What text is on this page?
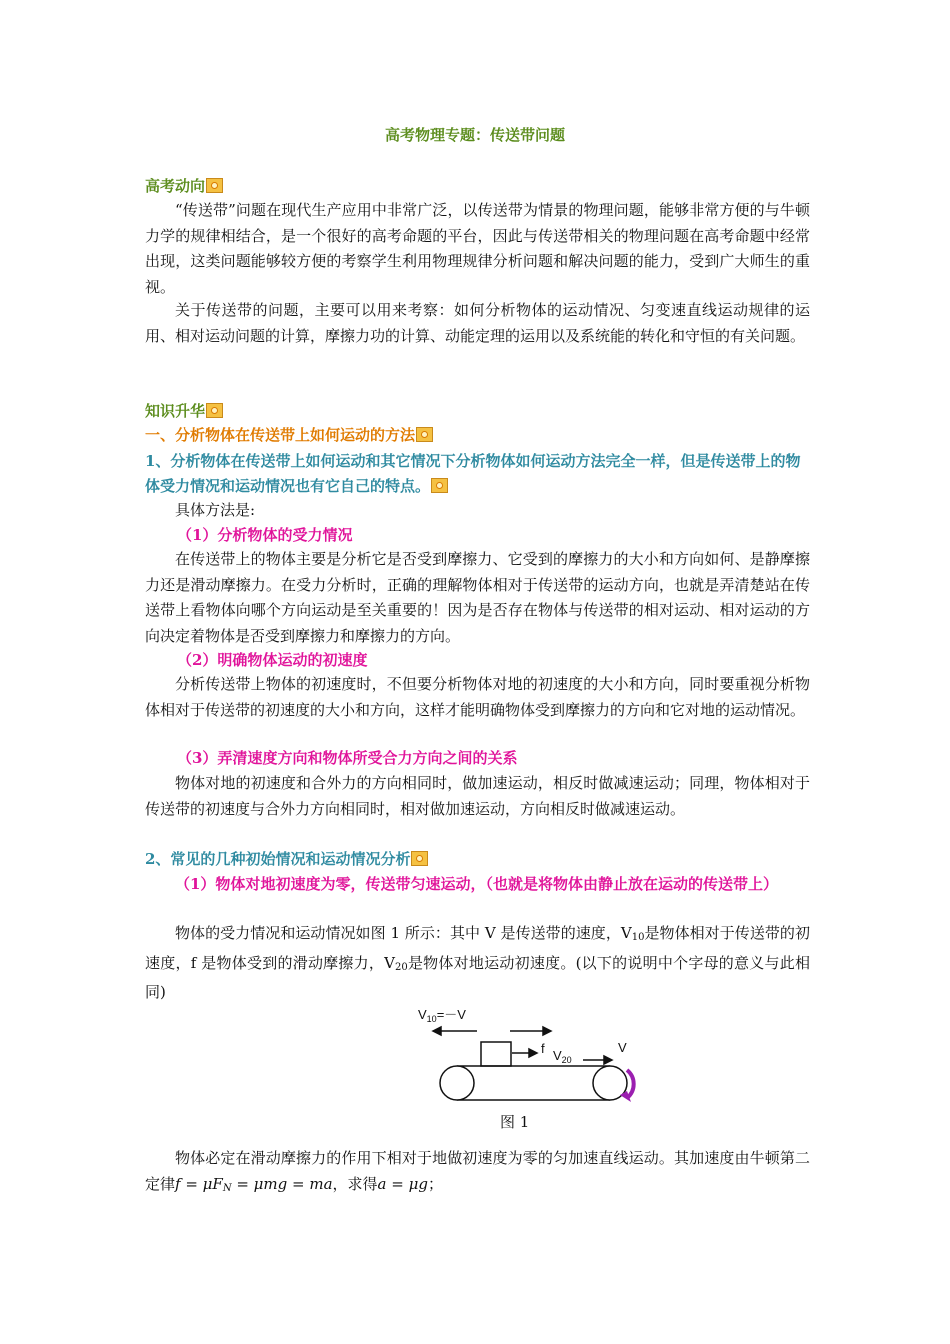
高考物理专题：传送带问题

高考动向

“传送带”问题在现代生产应用中非常广泛，以传送带为情景的物理问题，能够非常方便的与牛顿力学的规律相结合，是一个很好的高考命题的平台，因此与传送带相关的物理问题在高考命题中经常出现，这类问题能够较方便的考察学生利用物理规律分析问题和解决问题的能力，受到广大师生的重视。

关于传送带的问题，主要可以用来考察：如何分析物体的运动情况、匀变速直线运动规律的运用、相对运动问题的计算，摩擦力功的计算、动能定理的运用以及系统能的转化和守恒的有关问题。

知识升华
一、分析物体在传送带上如何运动的方法
1、分析物体在传送带上如何运动和其它情况下分析物体如何运动方法完全一样，但是传送带上的物体受力情况和运动情况也有它自己的特点。

具体方法是:

（1）分析物体的受力情况

在传送带上的物体主要是分析它是否受到摩擦力、它受到的摩擦力的大小和方向如何、是静摩擦力还是滑动摩擦力。在受力分析时，正确的理解物体相对于传送带的运动方向，也就是弄清楚站在传送带上看物体向哪个方向运动是至关重要的！因为是否存在物体与传送带的相对运动、相对运动的方向决定着物体是否受到摩擦力和摩擦力的方向。

（2）明确物体运动的初速度

分析传送带上物体的初速度时，不但要分析物体对地的初速度的大小和方向，同时要重视分析物体相对于传送带的初速度的大小和方向，这样才能明确物体受到摩擦力的方向和它对地的运动情况。

（3）弄清速度方向和物体所受合力方向之间的关系

物体对地的初速度和合外力的方向相同时，做加速运动，相反时做减速运动；同理，物体相对于传送带的初速度与合外力方向相同时，相对做加速运动，方向相反时做减速运动。

2、常见的几种初始情况和运动情况分析
（1）物体对地初速度为零，传送带匀速运动，（也就是将物体由静止放在运动的传送带上）

物体的受力情况和运动情况如图 1 所示：其中 V 是传送带的速度，$V_{10}$是物体相对于传送带的初速度，f 是物体受到的滑动摩擦力，$V_{20}$是物体对地运动初速度。(以下的说明中个字母的意义与此相同)

$V_{10}=-V$
$V_{20}$
f	V
图 1

物体必定在滑动摩擦力的作用下相对于地做初速度为零的匀加速直线运动。其加速度由牛顿第二定律$f = \mu F_N = \mu mg$ = ma，求得a = μg；
